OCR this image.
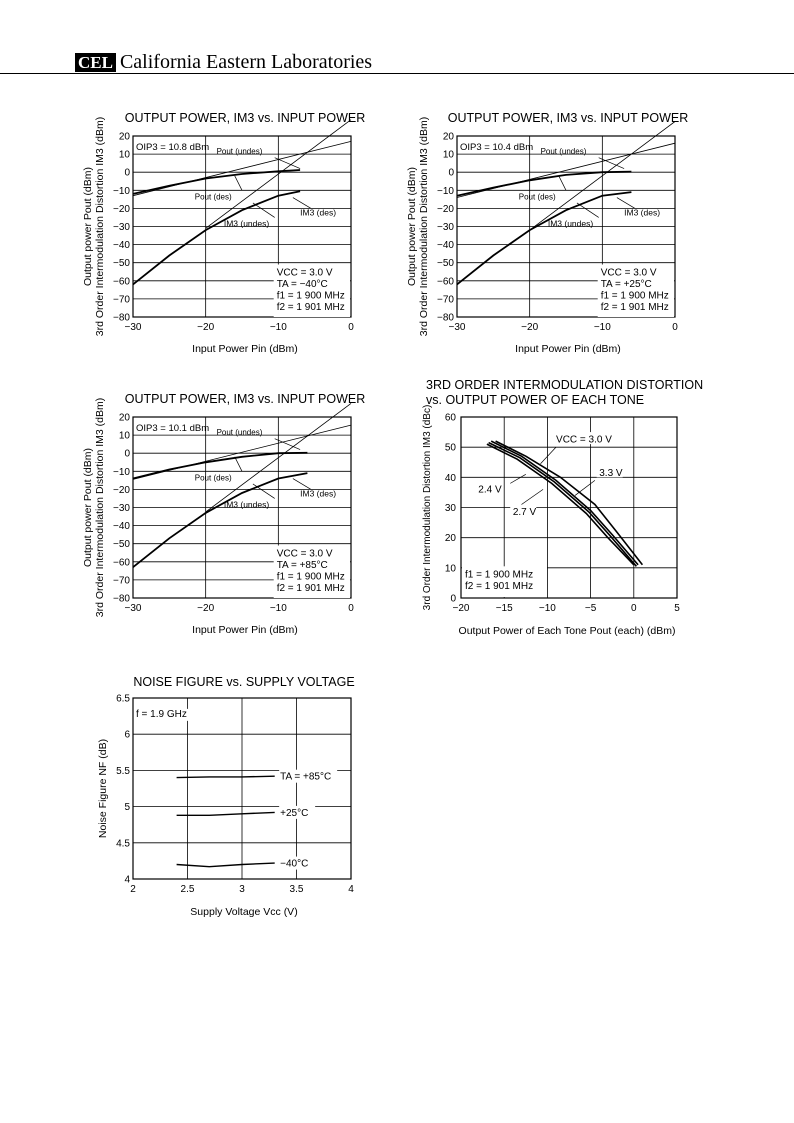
CEL California Eastern Laboratories
OUTPUT POWER, IM3 vs. INPUT POWER
20
10
0
−10
−20
−30
−40
−50
−60
−70
−80
−30	−20	−10	0
Input Power Pin (dBm)
Output power Pout (dBm) 3rd Order Intermodulation Distortion IM3 (dBm)	OIP3 = 10.8 dBm Pout (undes)
Pout (des)
IM3 (undes)
IM3 (des)
VCC = 3.0 V
TA = −40°C
f1 = 1 900 MHz
f2 = 1 901 MHz
OUTPUT POWER, IM3 vs. INPUT POWER
20
10
0
−10
−20
−30
−40
−50
−60
−70
−80
−30	−20	−10	0
Input Power Pin (dBm)
Output power Pout (dBm) 3rd Order Intermodulation Distortion IM3 (dBm)	OIP3 = 10.4 dBm Pout (undes)
Pout (des)
IM3 (undes)
IM3 (des)
VCC = 3.0 V
TA = +25°C
f1 = 1 900 MHz
f2 = 1 901 MHz
OUTPUT POWER, IM3 vs. INPUT POWER
20
10
0
−10
−20
−30
−40
−50
−60
−70
−80
−30	−20	−10	0
Input Power Pin (dBm)
Output power Pout (dBm) 3rd Order Intermodulation Distortion IM3 (dBm)	OIP3 = 10.1 dBm Pout (undes)
Pout (des)
IM3 (undes)
IM3 (des)
VCC = 3.0 V
TA = +85°C
f1 = 1 900 MHz
f2 = 1 901 MHz
3RD ORDER INTERMODULATION DISTORTION
vs. OUTPUT POWER OF EACH TONE
60
50
40
30
20
10
0
−20	−15	−10	−5	0	5
Output Power of Each Tone Pout (each) (dBm)
3rd Order Intermodulation Distortion IM3 (dBc)	VCC = 3.0 V
3.3 V
2.4 V
2.7 V
f1 = 1 900 MHz
f2 = 1 901 MHz
NOISE FIGURE vs. SUPPLY VOLTAGE
6.5
6
5.5
5
4.5
4
2	2.5	3	3.5	4
Supply Voltage Vcc (V)
Noise Figure NF (dB)
f = 1.9 GHz
TA = +85°C
+25°C
−40°C
